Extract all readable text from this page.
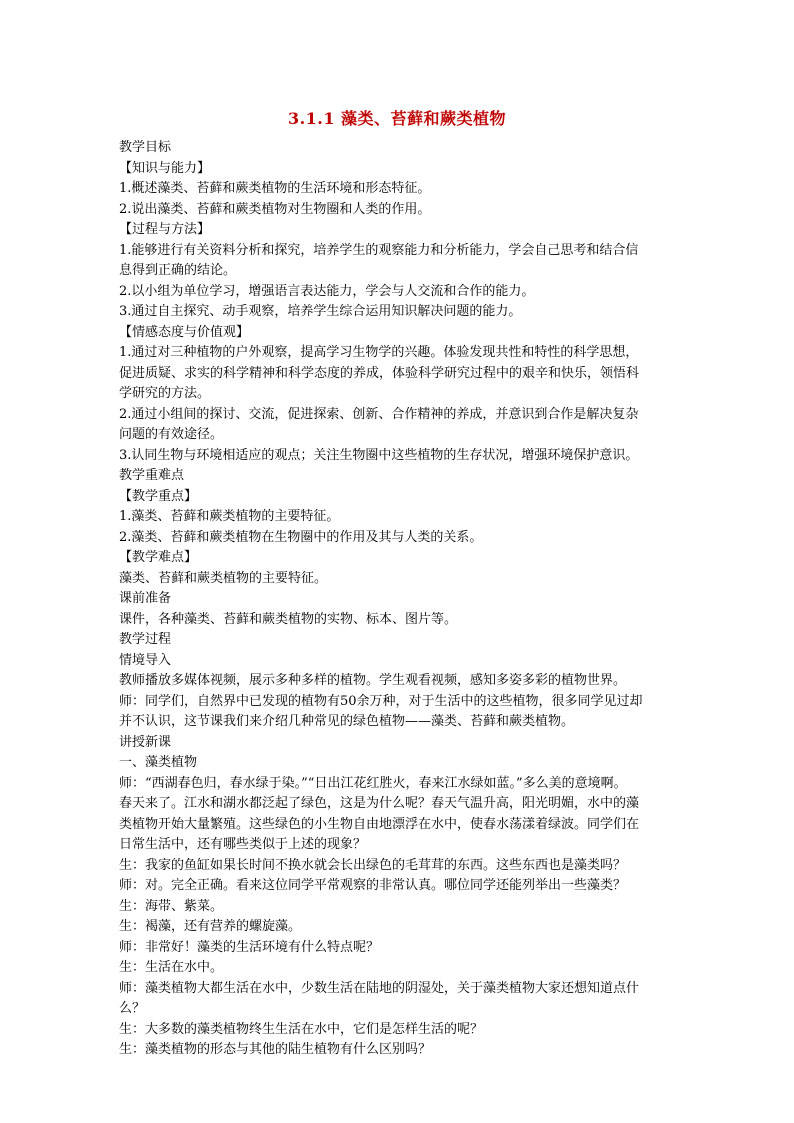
3.1.1 藻类、苔藓和蕨类植物

教学目标

【知识与能力】

1.概述藻类、苔藓和蕨类植物的生活环境和形态特征。

2.说出藻类、苔藓和蕨类植物对生物圈和人类的作用。

【过程与方法】

1.能够进行有关资料分析和探究，培养学生的观察能力和分析能力，学会自己思考和结合信

息得到正确的结论。

2.以小组为单位学习，增强语言表达能力，学会与人交流和合作的能力。

3.通过自主探究、动手观察，培养学生综合运用知识解决问题的能力。

【情感态度与价值观】

1.通过对三种植物的户外观察，提高学习生物学的兴趣。体验发现共性和特性的科学思想，

促进质疑、求实的科学精神和科学态度的养成，体验科学研究过程中的艰辛和快乐，领悟科

学研究的方法。

2.通过小组间的探讨、交流，促进探索、创新、合作精神的养成，并意识到合作是解决复杂

问题的有效途径。

3.认同生物与环境相适应的观点；关注生物圈中这些植物的生存状况，增强环境保护意识。

教学重难点

【教学重点】

1.藻类、苔藓和蕨类植物的主要特征。

2.藻类、苔藓和蕨类植物在生物圈中的作用及其与人类的关系。

【教学难点】

藻类、苔藓和蕨类植物的主要特征。

课前准备

课件，各种藻类、苔藓和蕨类植物的实物、标本、图片等。

教学过程

情境导入

教师播放多媒体视频，展示多种多样的植物。学生观看视频，感知多姿多彩的植物世界。

师：同学们，自然界中已发现的植物有50余万种，对于生活中的这些植物，很多同学见过却

并不认识，这节课我们来介绍几种常见的绿色植物——藻类、苔藓和蕨类植物。

讲授新课

一、藻类植物

师：“西湖春色归，春水绿于染。”“日出江花红胜火，春来江水绿如蓝。”多么美的意境啊。

春天来了。江水和湖水都泛起了绿色，这是为什么呢？春天气温升高，阳光明媚，水中的藻

类植物开始大量繁殖。这些绿色的小生物自由地漂浮在水中，使春水荡漾着绿波。同学们在

日常生活中，还有哪些类似于上述的现象？

生：我家的鱼缸如果长时间不换水就会长出绿色的毛茸茸的东西。这些东西也是藻类吗？

师：对。完全正确。看来这位同学平常观察的非常认真。哪位同学还能列举出一些藻类？

生：海带、紫菜。

生：褐藻，还有营养的螺旋藻。

师：非常好！藻类的生活环境有什么特点呢？

生：生活在水中。

师：藻类植物大都生活在水中，少数生活在陆地的阴湿处，关于藻类植物大家还想知道点什

么？

生：大多数的藻类植物终生生活在水中，它们是怎样生活的呢？

生：藻类植物的形态与其他的陆生植物有什么区别吗？
